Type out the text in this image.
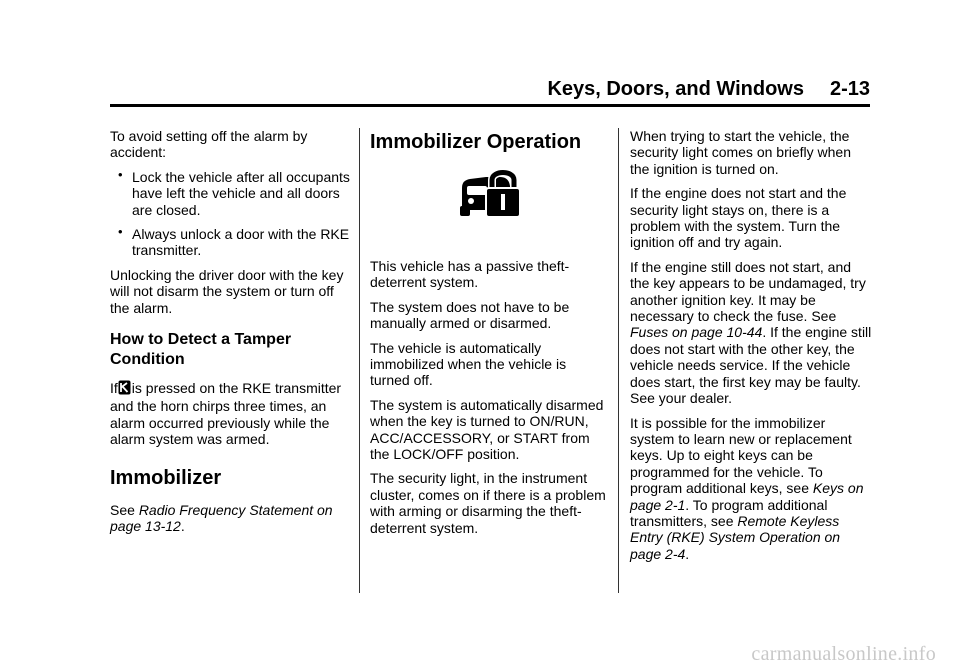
Keys, Doors, and Windows 2-13

To avoid setting off the alarm by accident:

• Lock the vehicle after all occupants have left the vehicle and all doors are closed.
• Always unlock a door with the RKE transmitter.

Unlocking the driver door with the key will not disarm the system or turn off the alarm.

How to Detect a Tamper Condition

If is pressed on the RKE transmitter and the horn chirps three times, an alarm occurred previously while the alarm system was armed.

Immobilizer

See Radio Frequency Statement on page 13-12.

Immobilizer Operation

This vehicle has a passive theft-deterrent system.

The system does not have to be manually armed or disarmed.

The vehicle is automatically immobilized when the vehicle is turned off.

The system is automatically disarmed when the key is turned to ON/RUN, ACC/ACCESSORY, or START from the LOCK/OFF position.

The security light, in the instrument cluster, comes on if there is a problem with arming or disarming the theft-deterrent system.

When trying to start the vehicle, the security light comes on briefly when the ignition is turned on.

If the engine does not start and the security light stays on, there is a problem with the system. Turn the ignition off and try again.

If the engine still does not start, and the key appears to be undamaged, try another ignition key. It may be necessary to check the fuse. See Fuses on page 10-44. If the engine still does not start with the other key, the vehicle needs service. If the vehicle does start, the first key may be faulty. See your dealer.

It is possible for the immobilizer system to learn new or replacement keys. Up to eight keys can be programmed for the vehicle. To program additional keys, see Keys on page 2-1. To program additional transmitters, see Remote Keyless Entry (RKE) System Operation on page 2-4.

carmanualsonline.info
